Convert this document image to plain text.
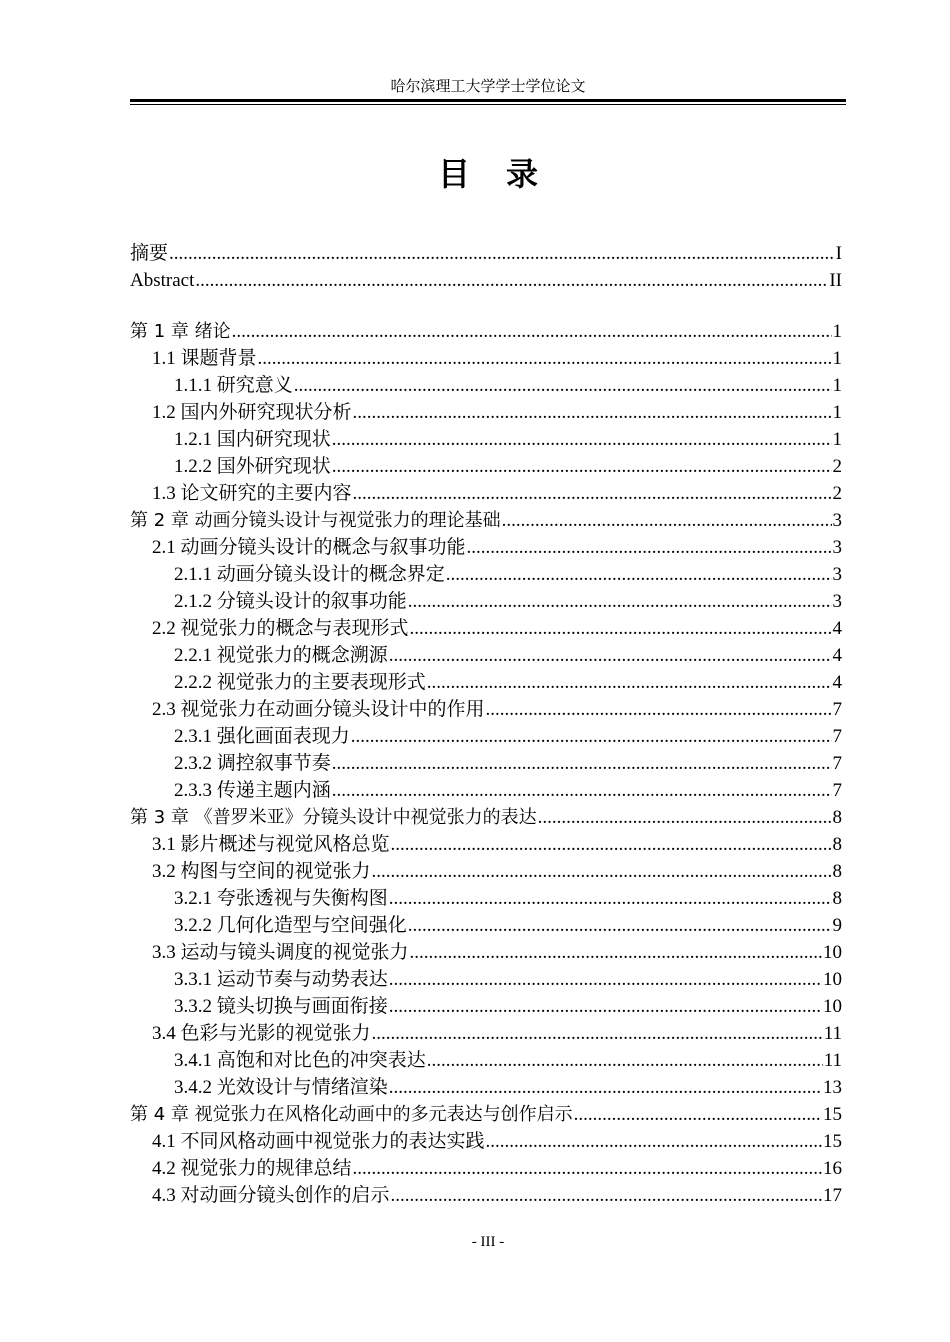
哈尔滨理工大学学士学位论文
目录
摘要 .....	I
Abstract .....	II
第 1 章 绪论 .....	1
1.1 课题背景 .....	1
1.1.1 研究意义 .....	1
1.2 国内外研究现状分析 .....	1
1.2.1 国内研究现状 .....	1
1.2.2 国外研究现状 .....	2
1.3 论文研究的主要内容 .....	2
第 2 章 动画分镜头设计与视觉张力的理论基础 .....	3
2.1 动画分镜头设计的概念与叙事功能 .....	3
2.1.1 动画分镜头设计的概念界定 .....	3
2.1.2 分镜头设计的叙事功能 .....	3
2.2 视觉张力的概念与表现形式 .....	4
2.2.1 视觉张力的概念溯源 .....	4
2.2.2 视觉张力的主要表现形式 .....	4
2.3 视觉张力在动画分镜头设计中的作用 .....	7
2.3.1 强化画面表现力 .....	7
2.3.2 调控叙事节奏 .....	7
2.3.3 传递主题内涵 .....	7
第 3 章 《普罗米亚》分镜头设计中视觉张力的表达 .....	8
3.1 影片概述与视觉风格总览 .....	8
3.2 构图与空间的视觉张力 .....	8
3.2.1 夸张透视与失衡构图 .....	8
3.2.2 几何化造型与空间强化 .....	9
3.3 运动与镜头调度的视觉张力 .....	10
3.3.1 运动节奏与动势表达 .....	10
3.3.2 镜头切换与画面衔接 .....	10
3.4 色彩与光影的视觉张力 .....	11
3.4.1 高饱和对比色的冲突表达 .....	11
3.4.2 光效设计与情绪渲染 .....	13
第 4 章 视觉张力在风格化动画中的多元表达与创作启示 .....	15
4.1 不同风格动画中视觉张力的表达实践 .....	15
4.2 视觉张力的规律总结 .....	16
4.3 对动画分镜头创作的启示 .....	17
- III -
